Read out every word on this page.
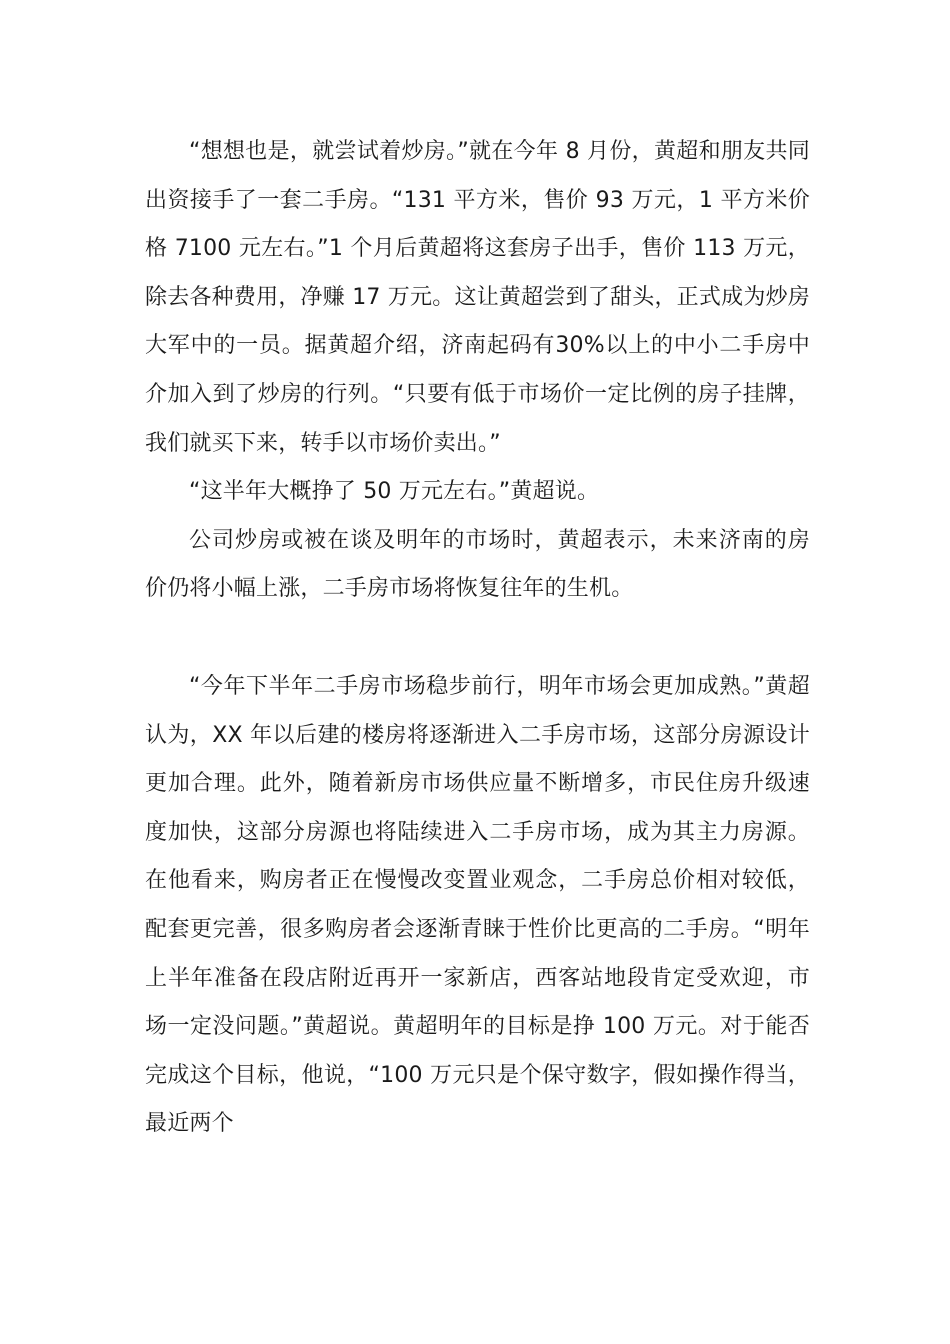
“想想也是，就尝试着炒房。”就在今年 8 月份，黄超和朋友共同出资接手了一套二手房。“131 平方米，售价 93 万元，1 平方米价格 7100 元左右。”1 个月后黄超将这套房子出手，售价 113 万元，除去各种费用，净赚 17 万元。这让黄超尝到了甜头，正式成为炒房大军中的一员。据黄超介绍，济南起码有30%以上的中小二手房中介加入到了炒房的行列。“只要有低于市场价一定比例的房子挂牌，我们就买下来，转手以市场价卖出。”

“这半年大概挣了 50 万元左右。”黄超说。

公司炒房或被在谈及明年的市场时，黄超表示，未来济南的房价仍将小幅上涨，二手房市场将恢复往年的生机。

“今年下半年二手房市场稳步前行，明年市场会更加成熟。”黄超认为，XX 年以后建的楼房将逐渐进入二手房市场，这部分房源设计更加合理。此外，随着新房市场供应量不断增多，市民住房升级速度加快，这部分房源也将陆续进入二手房市场，成为其主力房源。在他看来，购房者正在慢慢改变置业观念，二手房总价相对较低，配套更完善，很多购房者会逐渐青睐于性价比更高的二手房。“明年上半年准备在段店附近再开一家新店，西客站地段肯定受欢迎，市场一定没问题。”黄超说。黄超明年的目标是挣 100 万元。对于能否完成这个目标，他说，“100 万元只是个保守数字，假如操作得当，最近两个
